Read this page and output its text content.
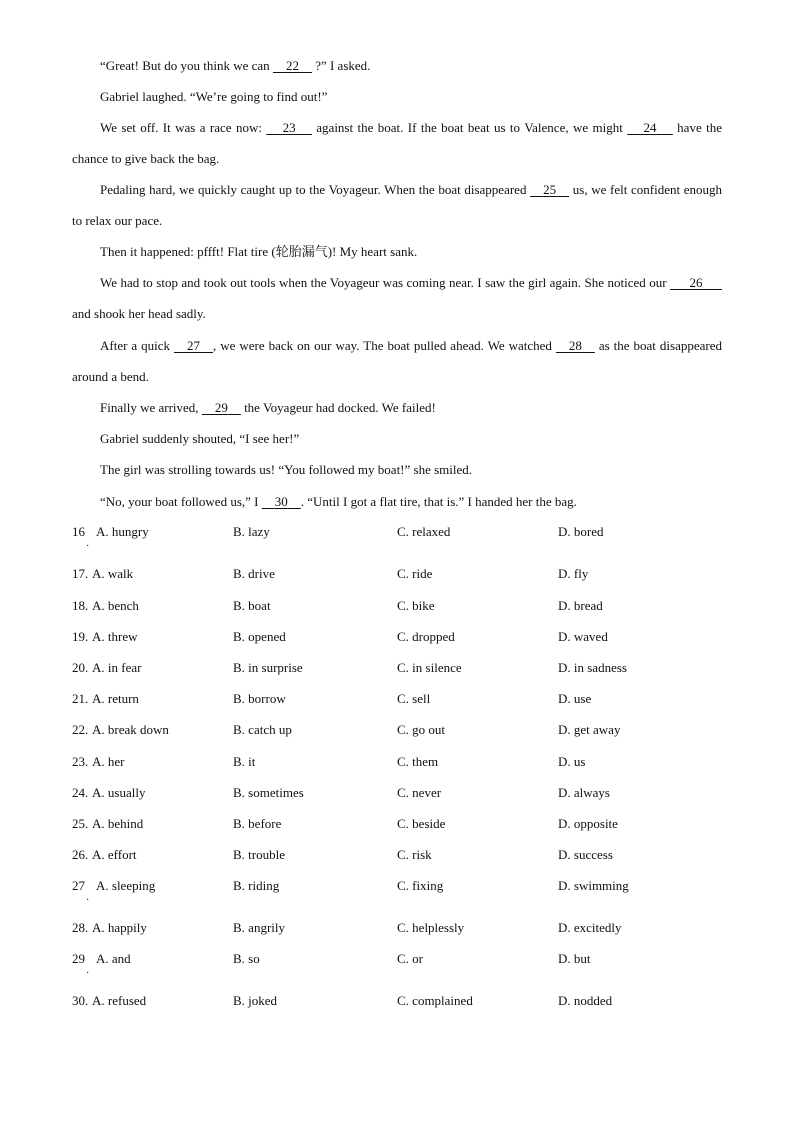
“Great! But do you think we can     22     ?” I asked.

Gabriel laughed. “We’re going to find out!”

We set off. It was a race now:      23      against the boat. If the boat beat us to Valence, we might      24      have the chance to give back the bag.

Pedaling hard, we quickly caught up to the Voyageur. When the boat disappeared     25     us, we felt confident enough to relax our pace.

Then it happened: pffft! Flat tire (轮胎漏气)! My heart sank.

We had to stop and took out tools when the Voyageur was coming near. I saw the girl again. She noticed our       26       and shook her head sadly.

After a quick     27 , we were back on our way. The boat pulled ahead. We watched     28     as the boat disappeared around a bend.

Finally we arrived,     29     the Voyageur had docked. We failed!

Gabriel suddenly shouted, “I see her!”

The girl was strolling towards us! “You followed my boat!” she smiled.

“No, your boat followed us,” I     30 . “Until I got a flat tire, that is.” I handed her the bag.

16 A. hungry	B. lazy	C. relaxed	D. bored
·
17. A. walk	B. drive	C. ride	D. fly
18. A. bench	B. boat	C. bike	D. bread
19. A. threw	B. opened	C. dropped	D. waved
20. A. in fear	B. in surprise	C. in silence	D. in sadness
21. A. return	B. borrow	C. sell	D. use
22. A. break down	B. catch up	C. go out	D. get away
23. A. her	B. it	C. them	D. us
24. A. usually	B. sometimes	C. never	D. always
25. A. behind	B. before	C. beside	D. opposite
26. A. effort	B. trouble	C. risk	D. success
27 A. sleeping	B. riding	C. fixing	D. swimming
·
28. A. happily	B. angrily	C. helplessly	D. excitedly
29 A. and	B. so	C. or	D. but
·
30. A. refused	B. joked	C. complained	D. nodded
